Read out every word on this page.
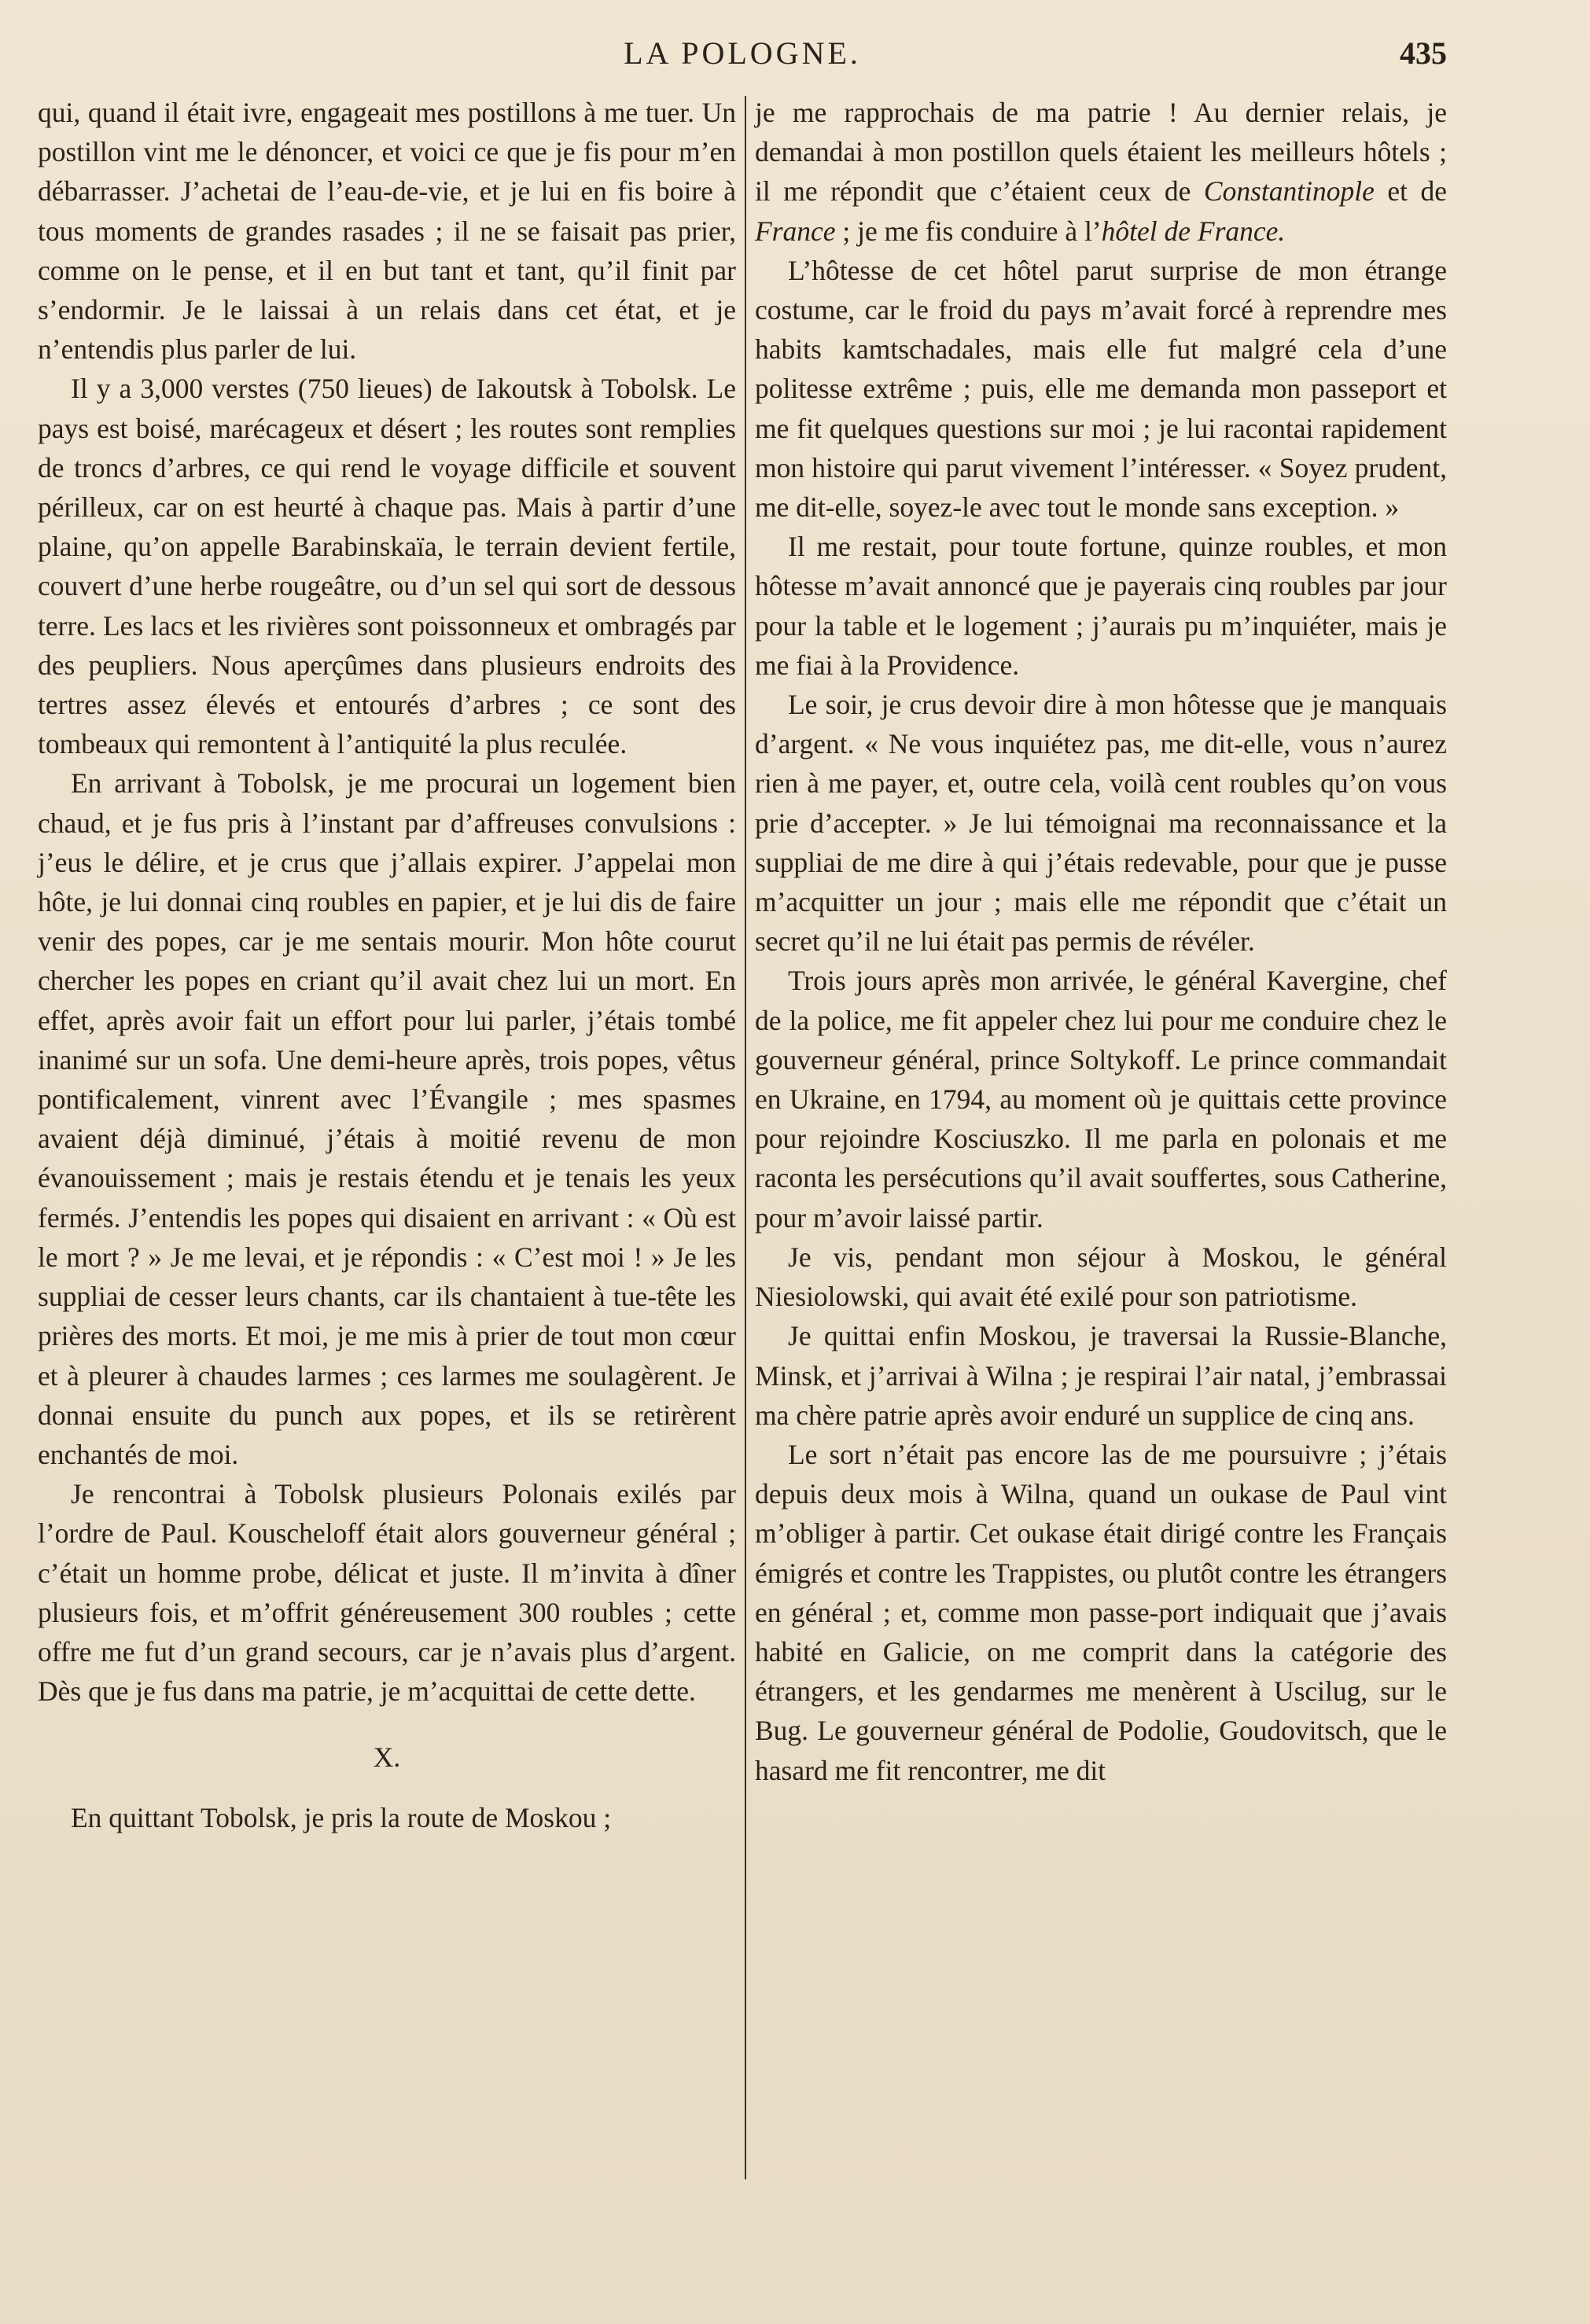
LA POLOGNE.	435

qui, quand il était ivre, engageait mes postillons à me tuer. Un postillon vint me le dénoncer, et voici ce que je fis pour m’en débarrasser. J’achetai de l’eau-de-vie, et je lui en fis boire à tous moments de grandes rasades ; il ne se faisait pas prier, comme on le pense, et il en but tant et tant, qu’il finit par s’endormir. Je le laissai à un relais dans cet état, et je n’entendis plus parler de lui.

Il y a 3,000 verstes (750 lieues) de Iakoutsk à Tobolsk. Le pays est boisé, marécageux et désert ; les routes sont remplies de troncs d’arbres, ce qui rend le voyage difficile et souvent périlleux, car on est heurté à chaque pas. Mais à partir d’une plaine, qu’on appelle Barabinskaïa, le terrain devient fertile, couvert d’une herbe rougeâtre, ou d’un sel qui sort de dessous terre. Les lacs et les rivières sont poissonneux et ombragés par des peupliers. Nous aperçûmes dans plusieurs endroits des tertres assez élevés et entourés d’arbres ; ce sont des tombeaux qui remontent à l’antiquité la plus reculée.

En arrivant à Tobolsk, je me procurai un logement bien chaud, et je fus pris à l’instant par d’affreuses convulsions : j’eus le délire, et je crus que j’allais expirer. J’appelai mon hôte, je lui donnai cinq roubles en papier, et je lui dis de faire venir des popes, car je me sentais mourir. Mon hôte courut chercher les popes en criant qu’il avait chez lui un mort. En effet, après avoir fait un effort pour lui parler, j’étais tombé inanimé sur un sofa. Une demi-heure après, trois popes, vêtus pontificalement, vinrent avec l’Évangile ; mes spasmes avaient déjà diminué, j’étais à moitié revenu de mon évanouissement ; mais je restais étendu et je tenais les yeux fermés. J’entendis les popes qui disaient en arrivant : « Où est le mort ? » Je me levai, et je répondis : « C’est moi ! » Je les suppliai de cesser leurs chants, car ils chantaient à tue-tête les prières des morts. Et moi, je me mis à prier de tout mon cœur et à pleurer à chaudes larmes ; ces larmes me soulagèrent. Je donnai ensuite du punch aux popes, et ils se retirèrent enchantés de moi.

Je rencontrai à Tobolsk plusieurs Polonais exilés par l’ordre de Paul. Kouscheloff était alors gouverneur général ; c’était un homme probe, délicat et juste. Il m’invita à dîner plusieurs fois, et m’offrit généreusement 300 roubles ; cette offre me fut d’un grand secours, car je n’avais plus d’argent. Dès que je fus dans ma patrie, je m’acquittai de cette dette.

X.

En quittant Tobolsk, je pris la route de Moskou ;

je me rapprochais de ma patrie ! Au dernier relais, je demandai à mon postillon quels étaient les meilleurs hôtels ; il me répondit que c’étaient ceux de Constantinople et de France ; je me fis conduire à l’hôtel de France.

L’hôtesse de cet hôtel parut surprise de mon étrange costume, car le froid du pays m’avait forcé à reprendre mes habits kamtschadales, mais elle fut malgré cela d’une politesse extrême ; puis, elle me demanda mon passeport et me fit quelques questions sur moi ; je lui racontai rapidement mon histoire qui parut vivement l’intéresser. « Soyez prudent, me dit-elle, soyez-le avec tout le monde sans exception. »

Il me restait, pour toute fortune, quinze roubles, et mon hôtesse m’avait annoncé que je payerais cinq roubles par jour pour la table et le logement ; j’aurais pu m’inquiéter, mais je me fiai à la Providence.

Le soir, je crus devoir dire à mon hôtesse que je manquais d’argent. « Ne vous inquiétez pas, me dit-elle, vous n’aurez rien à me payer, et, outre cela, voilà cent roubles qu’on vous prie d’accepter. » Je lui témoignai ma reconnaissance et la suppliai de me dire à qui j’étais redevable, pour que je pusse m’acquitter un jour ; mais elle me répondit que c’était un secret qu’il ne lui était pas permis de révéler.

Trois jours après mon arrivée, le général Kavergine, chef de la police, me fit appeler chez lui pour me conduire chez le gouverneur général, prince Soltykoff. Le prince commandait en Ukraine, en 1794, au moment où je quittais cette province pour rejoindre Kosciuszko. Il me parla en polonais et me raconta les persécutions qu’il avait souffertes, sous Catherine, pour m’avoir laissé partir.

Je vis, pendant mon séjour à Moskou, le général Niesiolowski, qui avait été exilé pour son patriotisme.

Je quittai enfin Moskou, je traversai la Russie-Blanche, Minsk, et j’arrivai à Wilna ; je respirai l’air natal, j’embrassai ma chère patrie après avoir enduré un supplice de cinq ans.

Le sort n’était pas encore las de me poursuivre ; j’étais depuis deux mois à Wilna, quand un oukase de Paul vint m’obliger à partir. Cet oukase était dirigé contre les Français émigrés et contre les Trappistes, ou plutôt contre les étrangers en général ; et, comme mon passe-port indiquait que j’avais habité en Galicie, on me comprit dans la catégorie des étrangers, et les gendarmes me menèrent à Uscilug, sur le Bug. Le gouverneur général de Podolie, Goudovitsch, que le hasard me fit rencontrer, me dit
